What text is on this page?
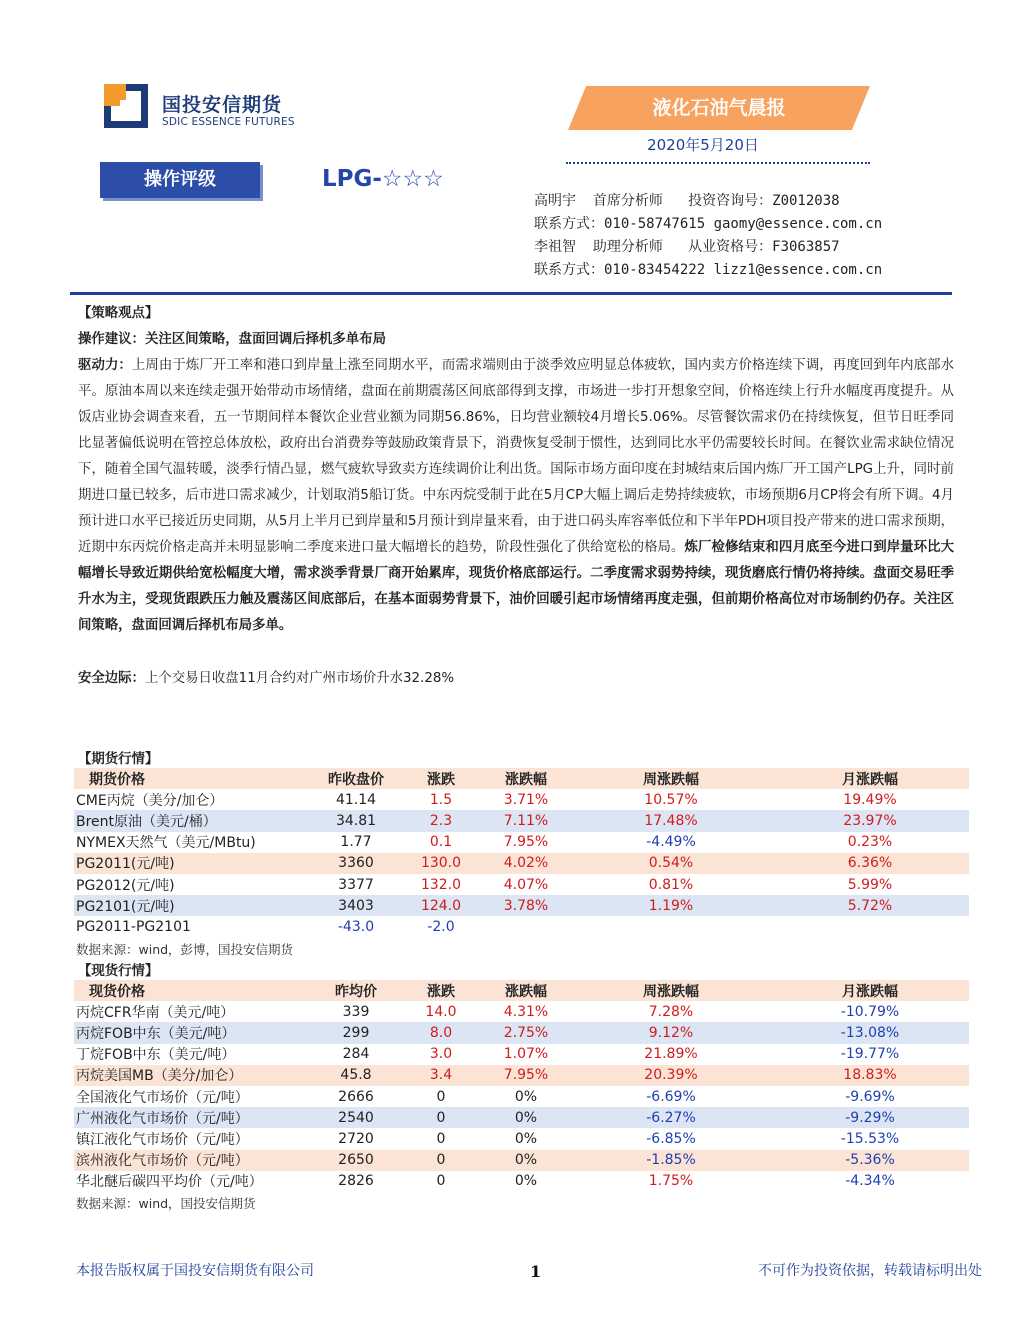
国投安信期货
SDIC ESSENCE FUTURES
液化石油气晨报
2020年5月20日
操作评级	LPG-☆☆☆
高明宇  首席分析师   投资咨询号：Z0012038
联系方式：010-58747615 gaomy@essence.com.cn
李祖智  助理分析师   从业资格号：F3063857
联系方式：010-83454222 lizz1@essence.com.cn
【策略观点】
操作建议：关注区间策略，盘面回调后择机多单布局
驱动力：上周由于炼厂开工率和港口到岸量上涨至同期水平，而需求端则由于淡季效应明显总体疲软，国内卖方价格连续下调，再度回到年内底部水平。原油本周以来连续走强开始带动市场情绪，盘面在前期震荡区间底部得到支撑，市场进一步打开想象空间，价格连续上行升水幅度再度提升。从饭店业协会调查来看，五一节期间样本餐饮企业营业额为同期56.86%，日均营业额较4月增长5.06%。尽管餐饮需求仍在持续恢复，但节日旺季同比显著偏低说明在管控总体放松，政府出台消费券等鼓励政策背景下，消费恢复受制于惯性，达到同比水平仍需要较长时间。在餐饮业需求缺位情况下，随着全国气温转暖，淡季行情凸显，燃气疲软导致卖方连续调价让利出货。国际市场方面印度在封城结束后国内炼厂开工国产LPG上升，同时前期进口量已较多，后市进口需求减少，计划取消5船订货。中东丙烷受制于此在5月CP大幅上调后走势持续疲软，市场预期6月CP将会有所下调。4月预计进口水平已接近历史同期，从5月上半月已到岸量和5月预计到岸量来看，由于进口码头库容率低位和下半年PDH项目投产带来的进口需求预期，近期中东丙烷价格走高并未明显影响二季度来进口量大幅增长的趋势，阶段性强化了供给宽松的格局。炼厂检修结束和四月底至今进口到岸量环比大幅增长导致近期供给宽松幅度大增，需求淡季背景厂商开始累库，现货价格底部运行。二季度需求弱势持续，现货磨底行情仍将持续。盘面交易旺季升水为主，受现货跟跌压力触及震荡区间底部后，在基本面弱势背景下，油价回暖引起市场情绪再度走强，但前期价格高位对市场制约仍存。关注区间策略，盘面回调后择机布局多单。
安全边际：上个交易日收盘11月合约对广州市场价升水32.28%
【期货行情】
期货价格	昨收盘价	涨跌	涨跌幅	周涨跌幅	月涨跌幅
CME丙烷（美分/加仑）	41.14	1.5	3.71%	10.57%	19.49%
Brent原油（美元/桶）	34.81	2.3	7.11%	17.48%	23.97%
NYMEX天然气（美元/MBtu)	1.77	0.1	7.95%	-4.49%	0.23%
PG2011(元/吨)	3360	130.0	4.02%	0.54%	6.36%
PG2012(元/吨)	3377	132.0	4.07%	0.81%	5.99%
PG2101(元/吨)	3403	124.0	3.78%	1.19%	5.72%
PG2011-PG2101	-43.0	-2.0			
数据来源：wind，彭博，国投安信期货
【现货行情】
现货价格	昨均价	涨跌	涨跌幅	周涨跌幅	月涨跌幅
丙烷CFR华南（美元/吨）	339	14.0	4.31%	7.28%	-10.79%
丙烷FOB中东（美元/吨）	299	8.0	2.75%	9.12%	-13.08%
丁烷FOB中东（美元/吨）	284	3.0	1.07%	21.89%	-19.77%
丙烷美国MB（美分/加仑）	45.8	3.4	7.95%	20.39%	18.83%
全国液化气市场价（元/吨）	2666	0	0%	-6.69%	-9.69%
广州液化气市场价（元/吨）	2540	0	0%	-6.27%	-9.29%
镇江液化气市场价（元/吨）	2720	0	0%	-6.85%	-15.53%
滨州液化气市场价（元/吨）	2650	0	0%	-1.85%	-5.36%
华北醚后碳四平均价（元/吨）	2826	0	0%	1.75%	-4.34%
数据来源：wind，国投安信期货
本报告版权属于国投安信期货有限公司	1	不可作为投资依据，转载请标明出处
